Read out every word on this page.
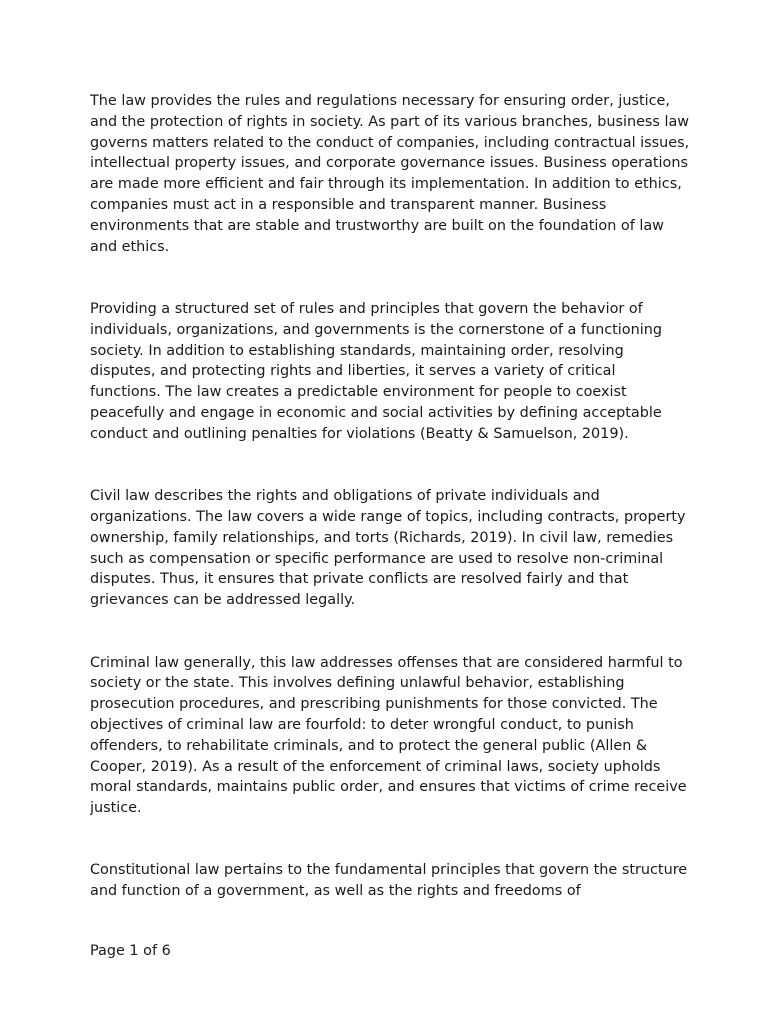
The law provides the rules and regulations necessary for ensuring order, justice, and the protection of rights in society. As part of its various branches, business law governs matters related to the conduct of companies, including contractual issues, intellectual property issues, and corporate governance issues. Business operations are made more efficient and fair through its implementation. In addition to ethics, companies must act in a responsible and transparent manner. Business environments that are stable and trustworthy are built on the foundation of law and ethics.

Providing a structured set of rules and principles that govern the behavior of individuals, organizations, and governments is the cornerstone of a functioning society. In addition to establishing standards, maintaining order, resolving disputes, and protecting rights and liberties, it serves a variety of critical functions. The law creates a predictable environment for people to coexist peacefully and engage in economic and social activities by defining acceptable conduct and outlining penalties for violations (Beatty & Samuelson, 2019).

Civil law describes the rights and obligations of private individuals and organizations. The law covers a wide range of topics, including contracts, property ownership, family relationships, and torts (Richards, 2019). In civil law, remedies such as compensation or specific performance are used to resolve non-criminal disputes. Thus, it ensures that private conflicts are resolved fairly and that grievances can be addressed legally.

Criminal law generally, this law addresses offenses that are considered harmful to society or the state. This involves defining unlawful behavior, establishing prosecution procedures, and prescribing punishments for those convicted. The objectives of criminal law are fourfold: to deter wrongful conduct, to punish offenders, to rehabilitate criminals, and to protect the general public (Allen & Cooper, 2019). As a result of the enforcement of criminal laws, society upholds moral standards, maintains public order, and ensures that victims of crime receive justice.

Constitutional law pertains to the fundamental principles that govern the structure and function of a government, as well as the rights and freedoms of

Page 1 of 6
